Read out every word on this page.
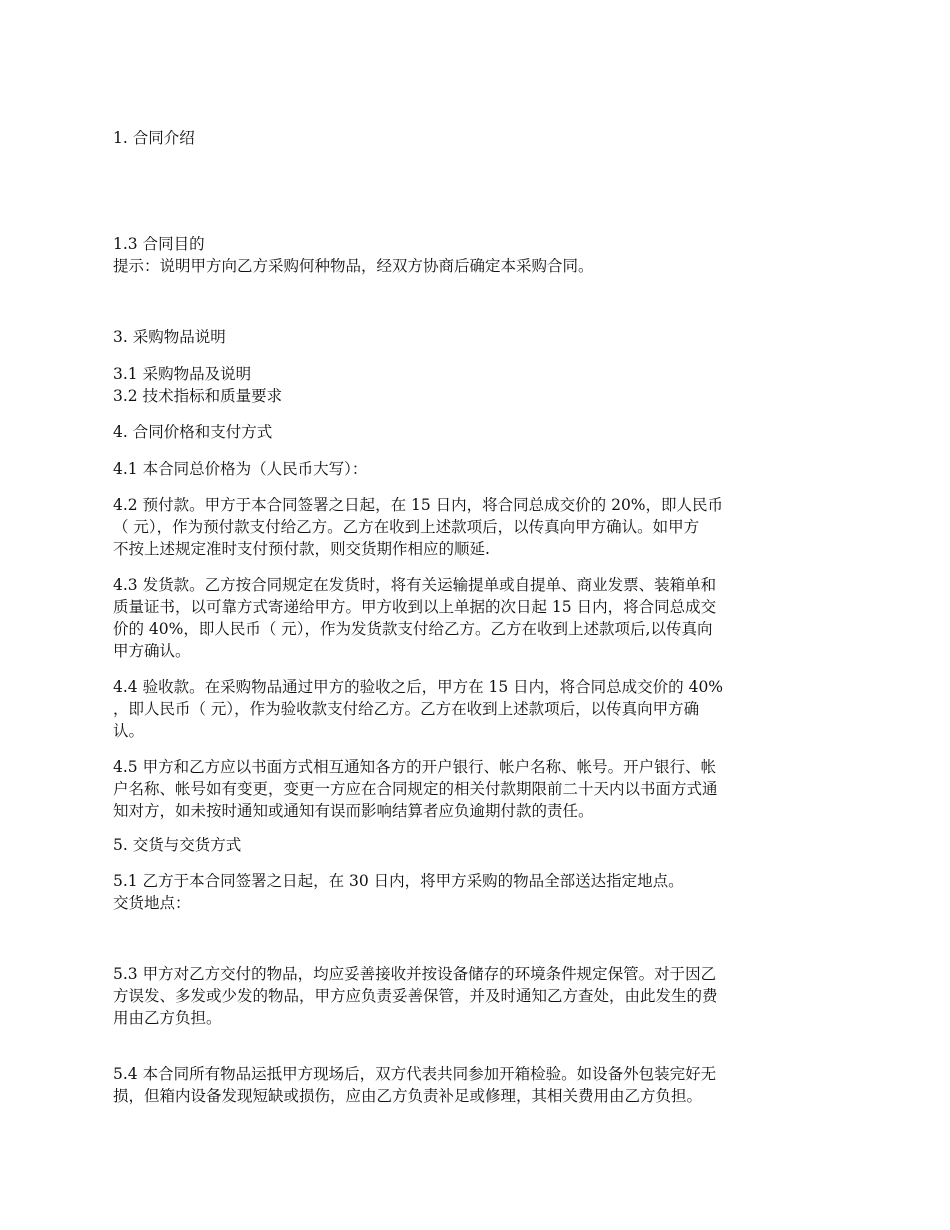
1. 合同介绍
1.3 合同目的
提示：说明甲方向乙方采购何种物品，经双方协商后确定本采购合同。
3. 采购物品说明
3.1 采购物品及说明
3.2 技术指标和质量要求
4. 合同价格和支付方式
4.1 本合同总价格为（人民币大写）：
4.2 预付款。甲方于本合同签署之日起，在 15 日内，将合同总成交价的 20%，即人民币
（ 元），作为预付款支付给乙方。乙方在收到上述款项后，以传真向甲方确认。如甲方
不按上述规定准时支付预付款，则交货期作相应的顺延.
4.3 发货款。乙方按合同规定在发货时，将有关运输提单或自提单、商业发票、装箱单和
质量证书，以可靠方式寄递给甲方。甲方收到以上单据的次日起 15 日内，将合同总成交
价的 40%，即人民币（ 元），作为发货款支付给乙方。乙方在收到上述款项后,以传真向
甲方确认。
4.4 验收款。在采购物品通过甲方的验收之后，甲方在 15 日内，将合同总成交价的 40%
，即人民币（ 元），作为验收款支付给乙方。乙方在收到上述款项后，以传真向甲方确
认。
4.5 甲方和乙方应以书面方式相互通知各方的开户银行、帐户名称、帐号。开户银行、帐
户名称、帐号如有变更，变更一方应在合同规定的相关付款期限前二十天内以书面方式通
知对方，如未按时通知或通知有误而影响结算者应负逾期付款的责任。
5. 交货与交货方式
5.1 乙方于本合同签署之日起，在 30 日内，将甲方采购的物品全部送达指定地点。
交货地点：
5.3 甲方对乙方交付的物品，均应妥善接收并按设备储存的环境条件规定保管。对于因乙
方误发、多发或少发的物品，甲方应负责妥善保管，并及时通知乙方查处，由此发生的费
用由乙方负担。
5.4 本合同所有物品运抵甲方现场后，双方代表共同参加开箱检验。如设备外包装完好无
损，但箱内设备发现短缺或损伤，应由乙方负责补足或修理，其相关费用由乙方负担。
